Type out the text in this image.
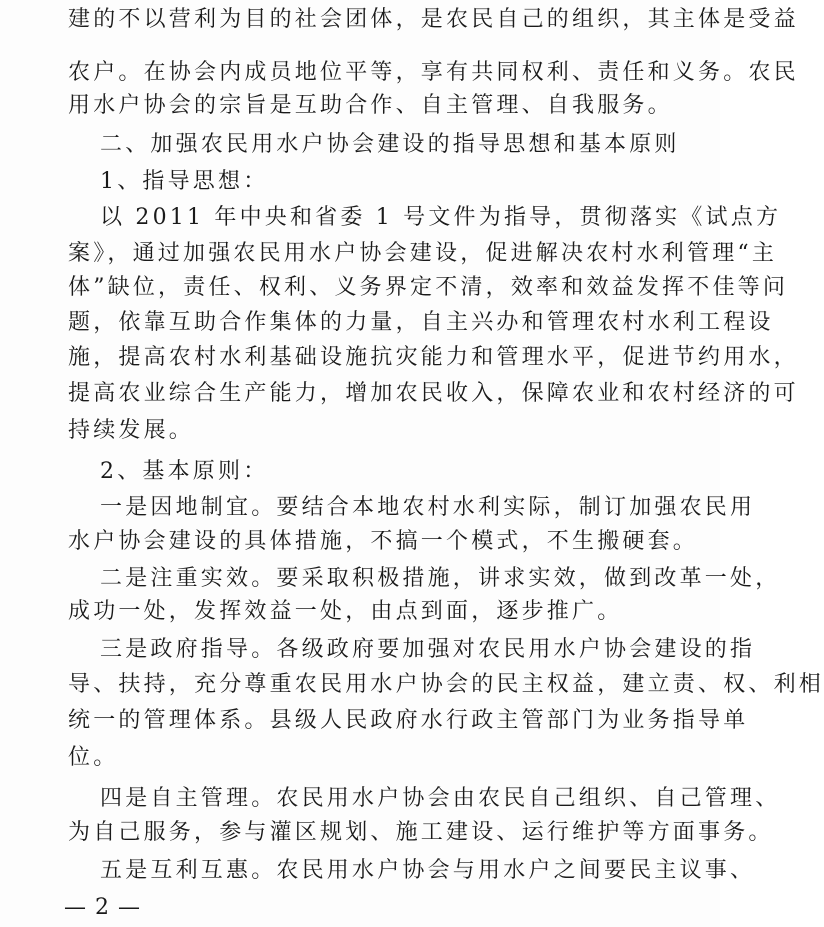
建的不以营利为目的社会团体，是农民自己的组织，其主体是受益
农户。在协会内成员地位平等，享有共同权利、责任和义务。农民
用水户协会的宗旨是互助合作、自主管理、自我服务。
二、加强农民用水户协会建设的指导思想和基本原则
1、指导思想：
以 2011 年中央和省委 1 号文件为指导，贯彻落实《试点方
案》，通过加强农民用水户协会建设，促进解决农村水利管理“主
体”缺位，责任、权利、义务界定不清，效率和效益发挥不佳等问
题，依靠互助合作集体的力量，自主兴办和管理农村水利工程设
施，提高农村水利基础设施抗灾能力和管理水平，促进节约用水，
提高农业综合生产能力，增加农民收入，保障农业和农村经济的可
持续发展。
2、基本原则：
一是因地制宜。要结合本地农村水利实际，制订加强农民用
水户协会建设的具体措施，不搞一个模式，不生搬硬套。
二是注重实效。要采取积极措施，讲求实效，做到改革一处，
成功一处，发挥效益一处，由点到面，逐步推广。
三是政府指导。各级政府要加强对农民用水户协会建设的指
导、扶持，充分尊重农民用水户协会的民主权益，建立责、权、利相
统一的管理体系。县级人民政府水行政主管部门为业务指导单
位。
四是自主管理。农民用水户协会由农民自己组织、自己管理、
为自己服务，参与灌区规划、施工建设、运行维护等方面事务。
五是互利互惠。农民用水户协会与用水户之间要民主议事、
— 2 —
